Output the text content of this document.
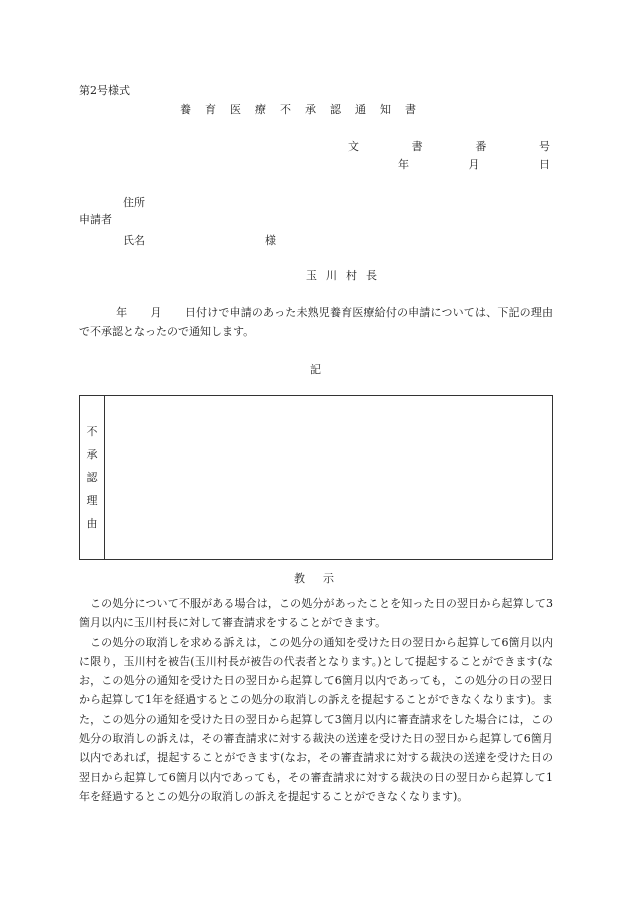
第2号様式
養育医療不承認通知書
文	書	番	号
年	月	日
住所
申請者
氏名	様
玉川村長
年 月 日付けで申請のあった未熟児養育医療給付の申請については、下記の理由で不承認となったので通知します。
記
不
承
認
理
由
教示

この処分について不服がある場合は，この処分があったことを知った日の翌日から起算して3箇月以内に玉川村長に対して審査請求をすることができます。

この処分の取消しを求める訴えは，この処分の通知を受けた日の翌日から起算して6箇月以内に限り，玉川村を被告(玉川村長が被告の代表者となります。)として提起することができます(なお，この処分の通知を受けた日の翌日から起算して6箇月以内であっても，この処分の日の翌日から起算して1年を経過するとこの処分の取消しの訴えを提起することができなくなります)。また，この処分の通知を受けた日の翌日から起算して3箇月以内に審査請求をした場合には，この処分の取消しの訴えは，その審査請求に対する裁決の送達を受けた日の翌日から起算して6箇月以内であれば，提起することができます(なお，その審査請求に対する裁決の送達を受けた日の翌日から起算して6箇月以内であっても，その審査請求に対する裁決の日の翌日から起算して1年を経過するとこの処分の取消しの訴えを提起することができなくなります)。
